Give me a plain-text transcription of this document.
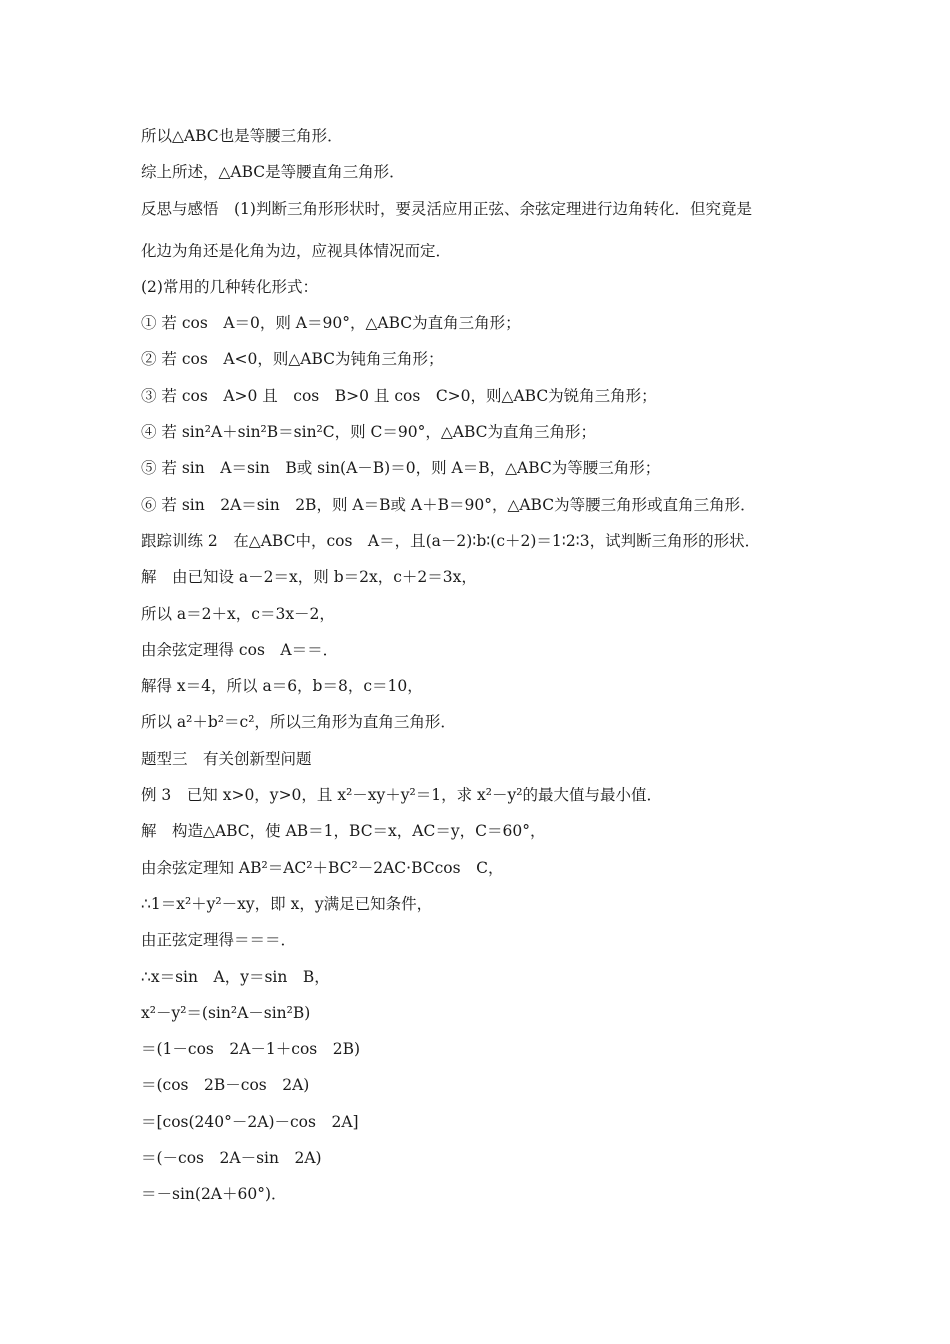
所以△ABC也是等腰三角形．
综上所述，△ABC是等腰直角三角形．
反思与感悟　(1)判断三角形形状时，要灵活应用正弦、余弦定理进行边角转化．但究竟是
化边为角还是化角为边，应视具体情况而定．
(2)常用的几种转化形式：
① 若 cos　A＝0，则 A＝90°，△ABC为直角三角形；
② 若 cos　A<0，则△ABC为钝角三角形；
③ 若 cos　A>0 且　cos　B>0 且 cos　C>0，则△ABC为锐角三角形；
④ 若 sin²A＋sin²B＝sin²C，则 C＝90°，△ABC为直角三角形；
⑤ 若 sin　A＝sin　B或 sin(A－B)＝0，则 A＝B，△ABC为等腰三角形；
⑥ 若 sin　2A＝sin　2B，则 A＝B或 A＋B＝90°，△ABC为等腰三角形或直角三角形．
跟踪训练 2　在△ABC中，cos　A＝，且(a－2)∶b∶(c＋2)＝1∶2∶3，试判断三角形的形状．
解　由已知设 a－2＝x，则 b＝2x，c＋2＝3x，
所以 a＝2＋x，c＝3x－2，
由余弦定理得 cos　A＝＝．
解得 x＝4，所以 a＝6，b＝8，c＝10，
所以 a²＋b²＝c²，所以三角形为直角三角形．
题型三　有关创新型问题
例 3　已知 x>0，y>0，且 x²－xy＋y²＝1，求 x²－y²的最大值与最小值．
解　构造△ABC，使 AB＝1，BC＝x，AC＝y，C＝60°，
由余弦定理知 AB²＝AC²＋BC²－2AC·BCcos　C，
∴1＝x²＋y²－xy，即 x，y满足已知条件，
由正弦定理得＝＝＝．
∴x＝sin　A，y＝sin　B，
x²－y²＝(sin²A－sin²B)
＝(1－cos　2A－1＋cos　2B)
＝(cos　2B－cos　2A)
＝[cos(240°－2A)－cos　2A]
＝(－cos　2A－sin　2A)
＝－sin(2A＋60°)．
